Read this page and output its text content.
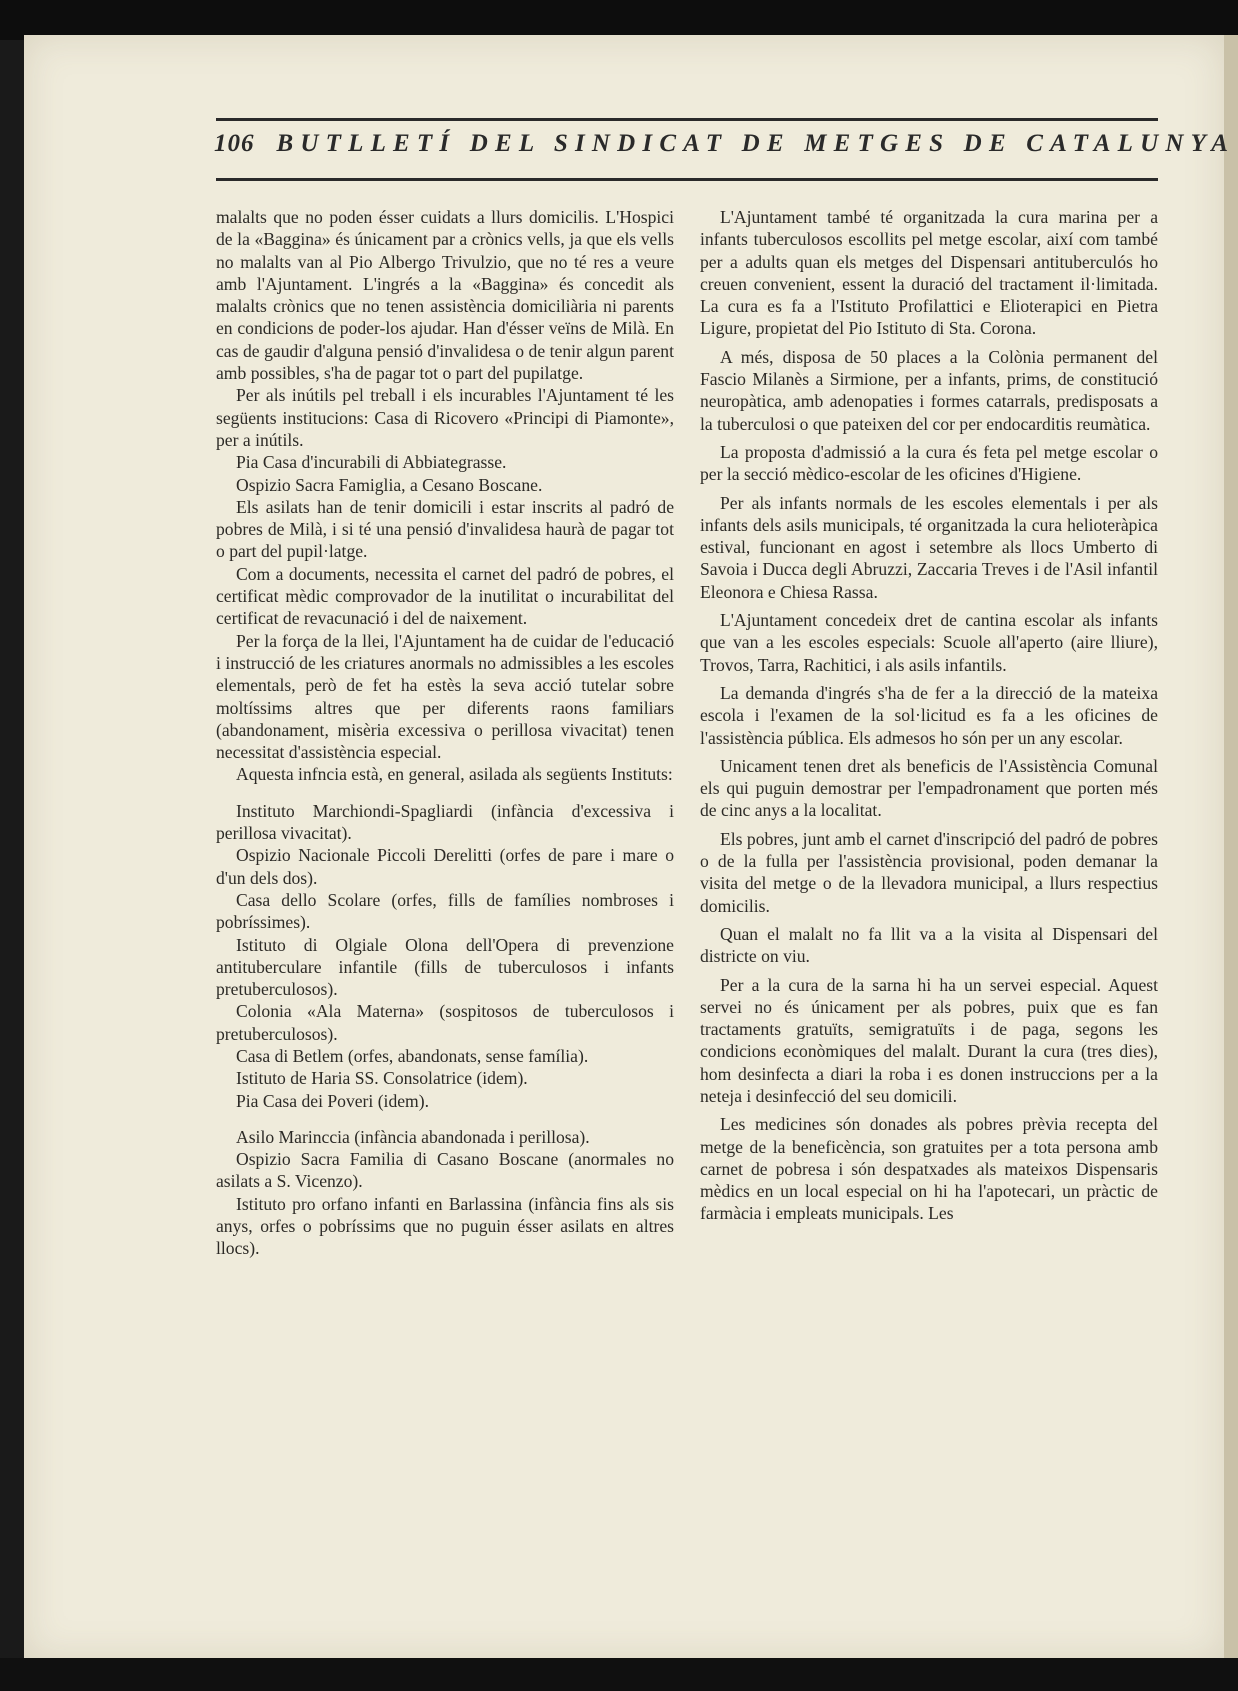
106 BUTLLETÍ DEL SINDICAT DE METGES DE CATALUNYA

malalts que no poden ésser cuidats a llurs domicilis. L'Hospici de la «Baggina» és únicament par a crònics vells, ja que els vells no malalts van al Pio Albergo Trivulzio, que no té res a veure amb l'Ajuntament. L'ingrés a la «Baggina» és concedit als malalts crònics que no tenen assistència domiciliària ni parents en condicions de poder-los ajudar. Han d'ésser veïns de Milà. En cas de gaudir d'alguna pensió d'invalidesa o de tenir algun parent amb possibles, s'ha de pagar tot o part del pupilatge.

Per als inútils pel treball i els incurables l'Ajuntament té les següents institucions: Casa di Ricovero «Principi di Piamonte», per a inútils.

Pia Casa d'incurabili di Abbiategrasse.

Ospizio Sacra Famiglia, a Cesano Boscane.

Els asilats han de tenir domicili i estar inscrits al padró de pobres de Milà, i si té una pensió d'invalidesa haurà de pagar tot o part del pupil·latge.

Com a documents, necessita el carnet del padró de pobres, el certificat mèdic comprovador de la inutilitat o incurabilitat del certificat de revacunació i del de naixement.

Per la força de la llei, l'Ajuntament ha de cuidar de l'educació i instrucció de les criatures anormals no admissibles a les escoles elementals, però de fet ha estès la seva acció tutelar sobre moltíssims altres que per diferents raons familiars (abandonament, misèria excessiva o perillosa vivacitat) tenen necessitat d'assistència especial.

Aquesta infncia està, en general, asilada als següents Instituts:

Instituto Marchiondi-Spagliardi (infància d'excessiva i perillosa vivacitat).

Ospizio Nacionale Piccoli Derelitti (orfes de pare i mare o d'un dels dos).

Casa dello Scolare (orfes, fills de famílies nombroses i pobríssimes).

Istituto di Olgiale Olona dell'Opera di prevenzione antituberculare infantile (fills de tuberculosos i infants pretuberculosos).

Colonia «Ala Materna» (sospitosos de tuberculosos i pretuberculosos).

Casa di Betlem (orfes, abandonats, sense família).

Istituto de Haria SS. Consolatrice (idem).

Pia Casa dei Poveri (idem).

Asilo Marinccia (infància abandonada i perillosa).

Ospizio Sacra Familia di Casano Boscane (anormales no asilats a S. Vicenzo).

Istituto pro orfano infanti en Barlassina (infància fins als sis anys, orfes o pobríssims que no puguin ésser asilats en altres llocs).

L'Ajuntament també té organitzada la cura marina per a infants tuberculosos escollits pel metge escolar, així com també per a adults quan els metges del Dispensari antituberculós ho creuen convenient, essent la duració del tractament il·limitada. La cura es fa a l'Istituto Profilattici e Elioterapici en Pietra Ligure, propietat del Pio Istituto di Sta. Corona.

A més, disposa de 50 places a la Colònia permanent del Fascio Milanès a Sirmione, per a infants, prims, de constitució neuropàtica, amb adenopaties i formes catarrals, predisposats a la tuberculosi o que pateixen del cor per endocarditis reumàtica.

La proposta d'admissió a la cura és feta pel metge escolar o per la secció mèdico-escolar de les oficines d'Higiene.

Per als infants normals de les escoles elementals i per als infants dels asils municipals, té organitzada la cura helioteràpica estival, funcionant en agost i setembre als llocs Umberto di Savoia i Ducca degli Abruzzi, Zaccaria Treves i de l'Asil infantil Eleonora e Chiesa Rassa.

L'Ajuntament concedeix dret de cantina escolar als infants que van a les escoles especials: Scuole all'aperto (aire lliure), Trovos, Tarra, Rachitici, i als asils infantils.

La demanda d'ingrés s'ha de fer a la direcció de la mateixa escola i l'examen de la sol·licitud es fa a les oficines de l'assistència pública. Els admesos ho són per un any escolar.

Unicament tenen dret als beneficis de l'Assistència Comunal els qui puguin demostrar per l'empadronament que porten més de cinc anys a la localitat.

Els pobres, junt amb el carnet d'inscripció del padró de pobres o de la fulla per l'assistència provisional, poden demanar la visita del metge o de la llevadora municipal, a llurs respectius domicilis.

Quan el malalt no fa llit va a la visita al Dispensari del districte on viu.

Per a la cura de la sarna hi ha un servei especial. Aquest servei no és únicament per als pobres, puix que es fan tractaments gratuïts, semigratuïts i de paga, segons les condicions econòmiques del malalt. Durant la cura (tres dies), hom desinfecta a diari la roba i es donen instruccions per a la neteja i desinfecció del seu domicili.

Les medicines són donades als pobres prèvia recepta del metge de la beneficència, son gratuites per a tota persona amb carnet de pobresa i són despatxades als mateixos Dispensaris mèdics en un local especial on hi ha l'apotecari, un pràctic de farmàcia i empleats municipals. Les
